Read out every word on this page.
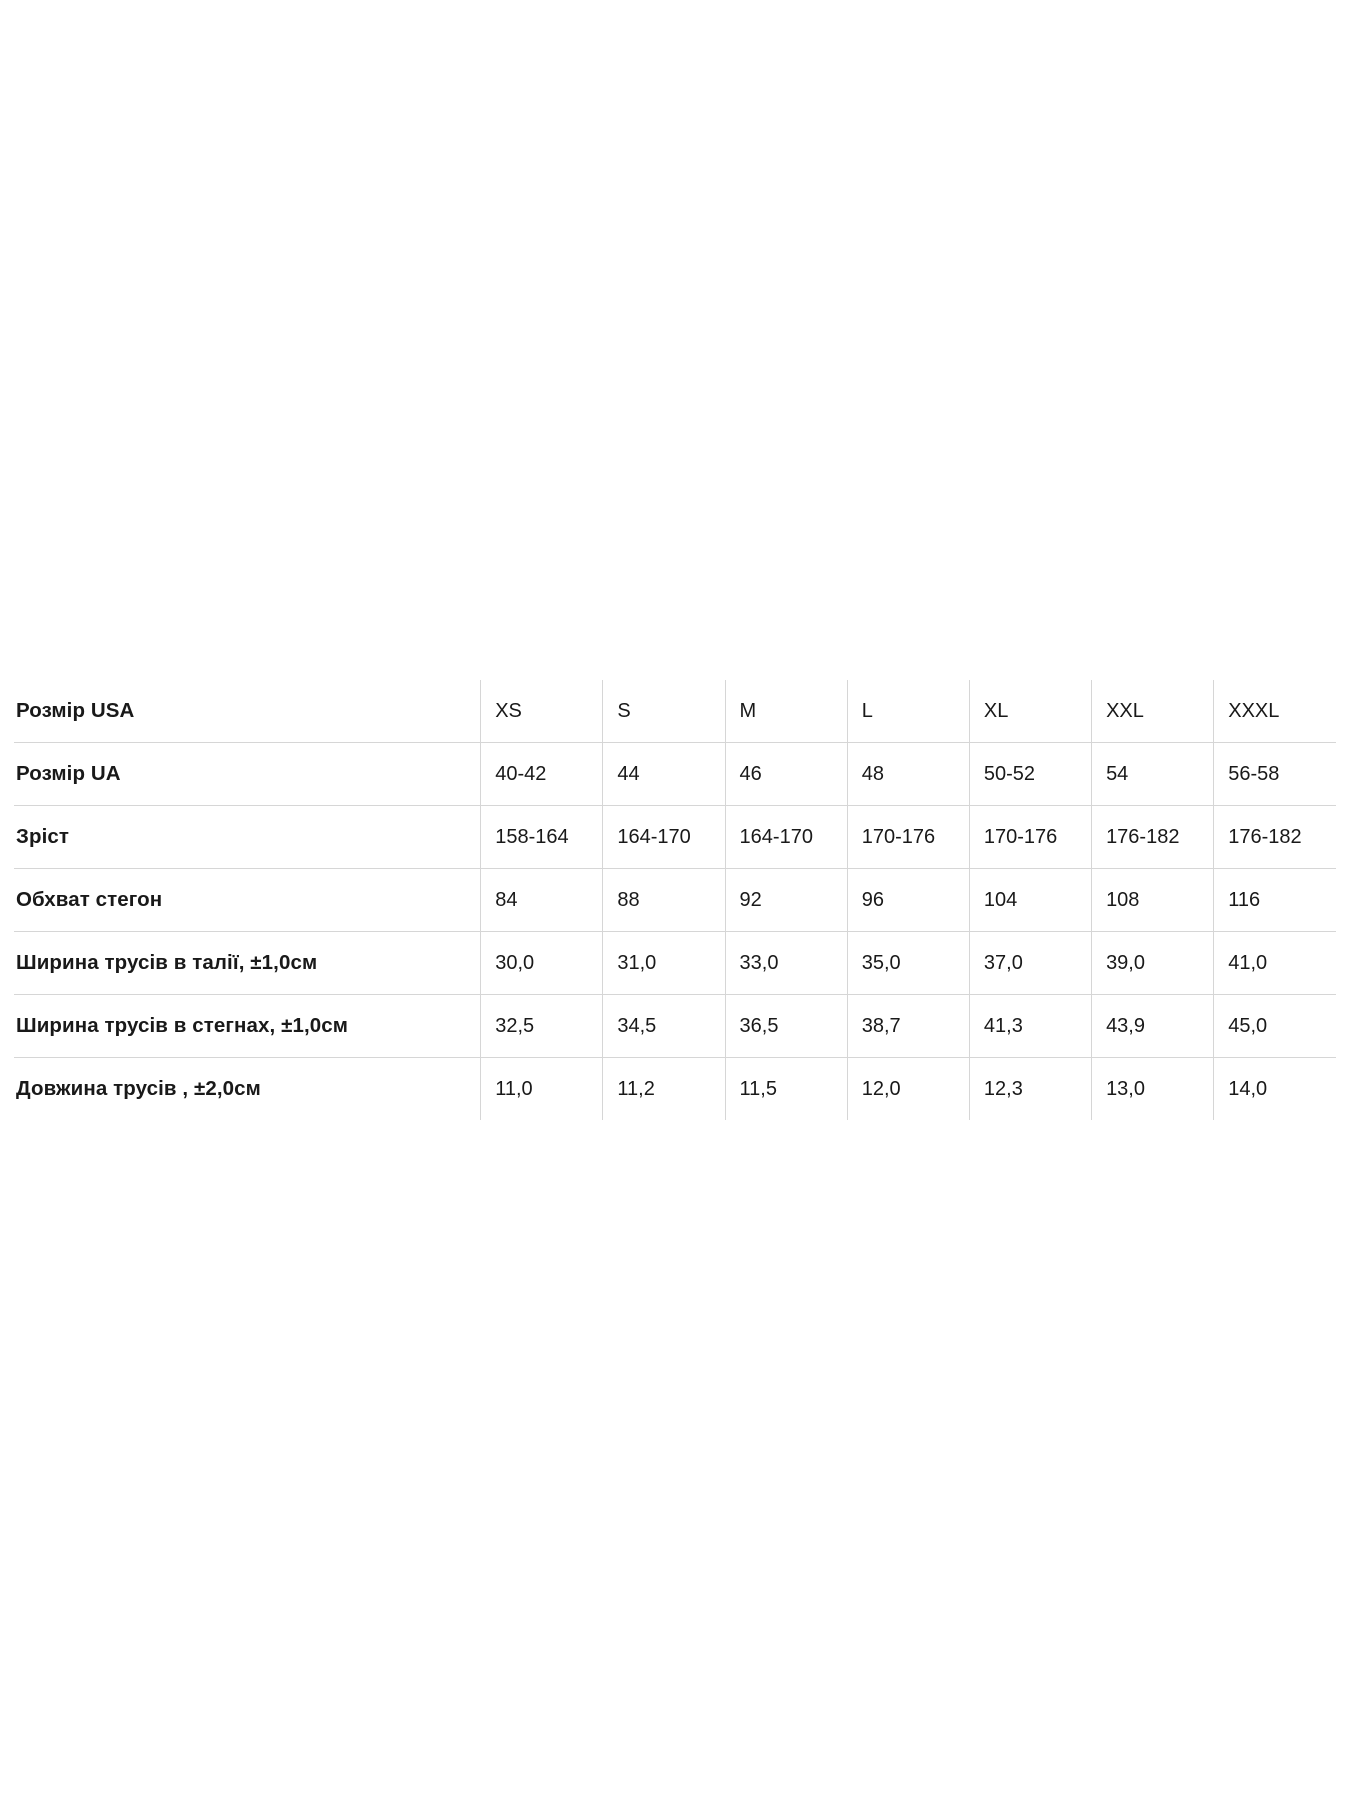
Розмір USA	XS	S	M	L	XL	XXL	XXXL
Розмір UA	40-42	44	46	48	50-52	54	56-58
Зріст	158-164	164-170	164-170	170-176	170-176	176-182	176-182
Обхват стегон	84	88	92	96	104	108	116
Ширина трусів в талії, ±1,0см	30,0	31,0	33,0	35,0	37,0	39,0	41,0
Ширина трусів в стегнах, ±1,0см	32,5	34,5	36,5	38,7	41,3	43,9	45,0
Довжина трусів , ±2,0см	11,0	11,2	11,5	12,0	12,3	13,0	14,0
